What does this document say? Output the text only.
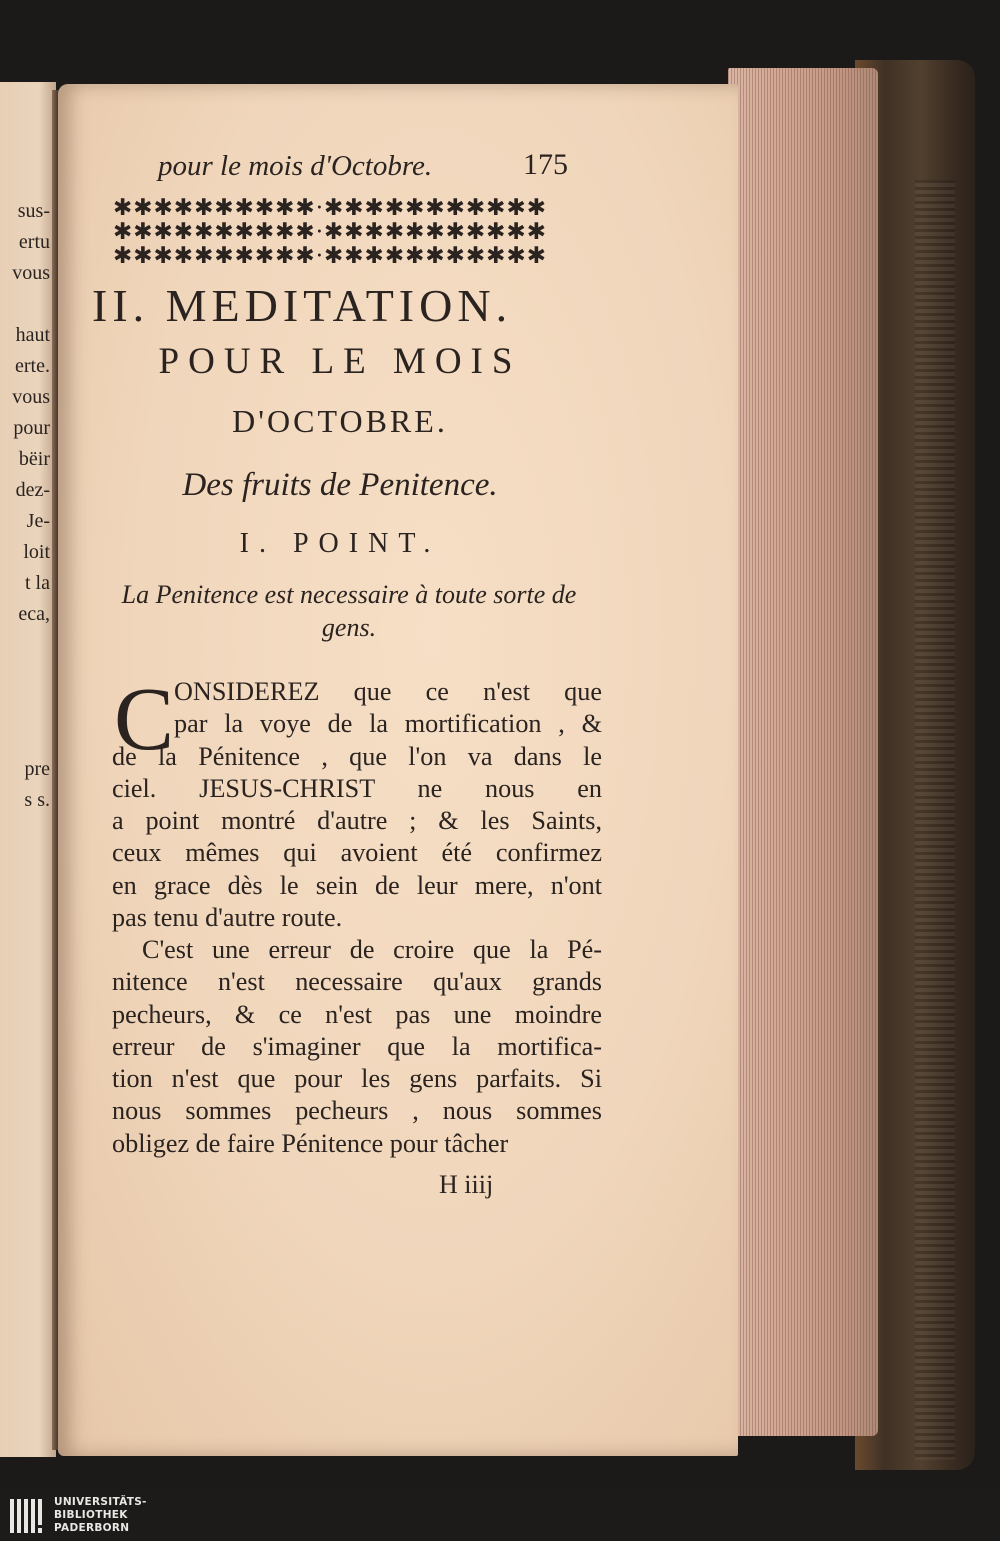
sus-
ertu
vous

haut
erte.
vous
pour
bëir
dez-
Je-
loit
t la
eca,

pre
s s.
pour le mois d'Octobre.	175
✱✱✱✱✱✱✱✱✱✱·✱✱✱✱✱✱✱✱✱✱✱
✱✱✱✱✱✱✱✱✱✱·✱✱✱✱✱✱✱✱✱✱✱
✱✱✱✱✱✱✱✱✱✱·✱✱✱✱✱✱✱✱✱✱✱
II. MEDITATION.
POUR LE MOIS
D'OCTOBRE.
Des fruits de Penitence.
I. POINT.
La Penitence est necessaire à toute sorte de
gens.
C ONSIDEREZ que ce n'est que
par la voye de la mortification , &
de la Pénitence , que l'on va dans le
ciel. JESUS-CHRIST ne nous en
a point montré d'autre ; & les Saints,
ceux mêmes qui avoient été confirmez
en grace dès le sein de leur mere, n'ont
pas tenu d'autre route.
C'est une erreur de croire que la Pé-
nitence n'est necessaire qu'aux grands
pecheurs, & ce n'est pas une moindre
erreur de s'imaginer que la mortifica-
tion n'est que pour les gens parfaits. Si
nous sommes pecheurs , nous sommes
obligez de faire Pénitence pour tâcher
H iiij
UNIVERSITÄTS-
BIBLIOTHEK
PADERBORN
